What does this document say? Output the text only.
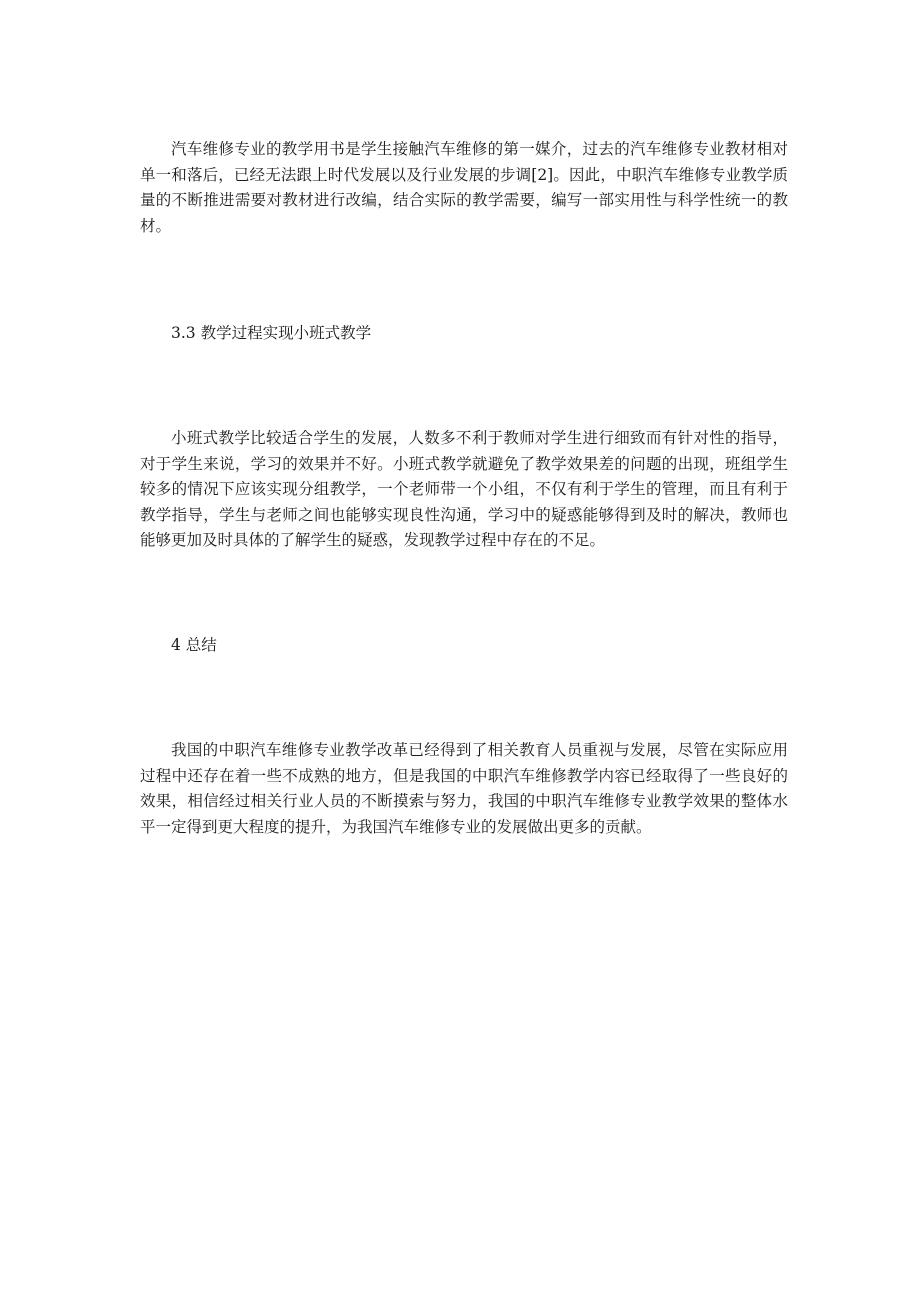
汽车维修专业的教学用书是学生接触汽车维修的第一媒介，过去的汽车维修专业教材相对单一和落后，已经无法跟上时代发展以及行业发展的步调[2]。因此，中职汽车维修专业教学质量的不断推进需要对教材进行改编，结合实际的教学需要，编写一部实用性与科学性统一的教材。

3.3 教学过程实现小班式教学

小班式教学比较适合学生的发展，人数多不利于教师对学生进行细致而有针对性的指导，对于学生来说，学习的效果并不好。小班式教学就避免了教学效果差的问题的出现，班组学生较多的情况下应该实现分组教学，一个老师带一个小组，不仅有利于学生的管理，而且有利于教学指导，学生与老师之间也能够实现良性沟通，学习中的疑惑能够得到及时的解决，教师也能够更加及时具体的了解学生的疑惑，发现教学过程中存在的不足。

4 总结

我国的中职汽车维修专业教学改革已经得到了相关教育人员重视与发展，尽管在实际应用过程中还存在着一些不成熟的地方，但是我国的中职汽车维修教学内容已经取得了一些良好的效果，相信经过相关行业人员的不断摸索与努力，我国的中职汽车维修专业教学效果的整体水平一定得到更大程度的提升，为我国汽车维修专业的发展做出更多的贡献。
